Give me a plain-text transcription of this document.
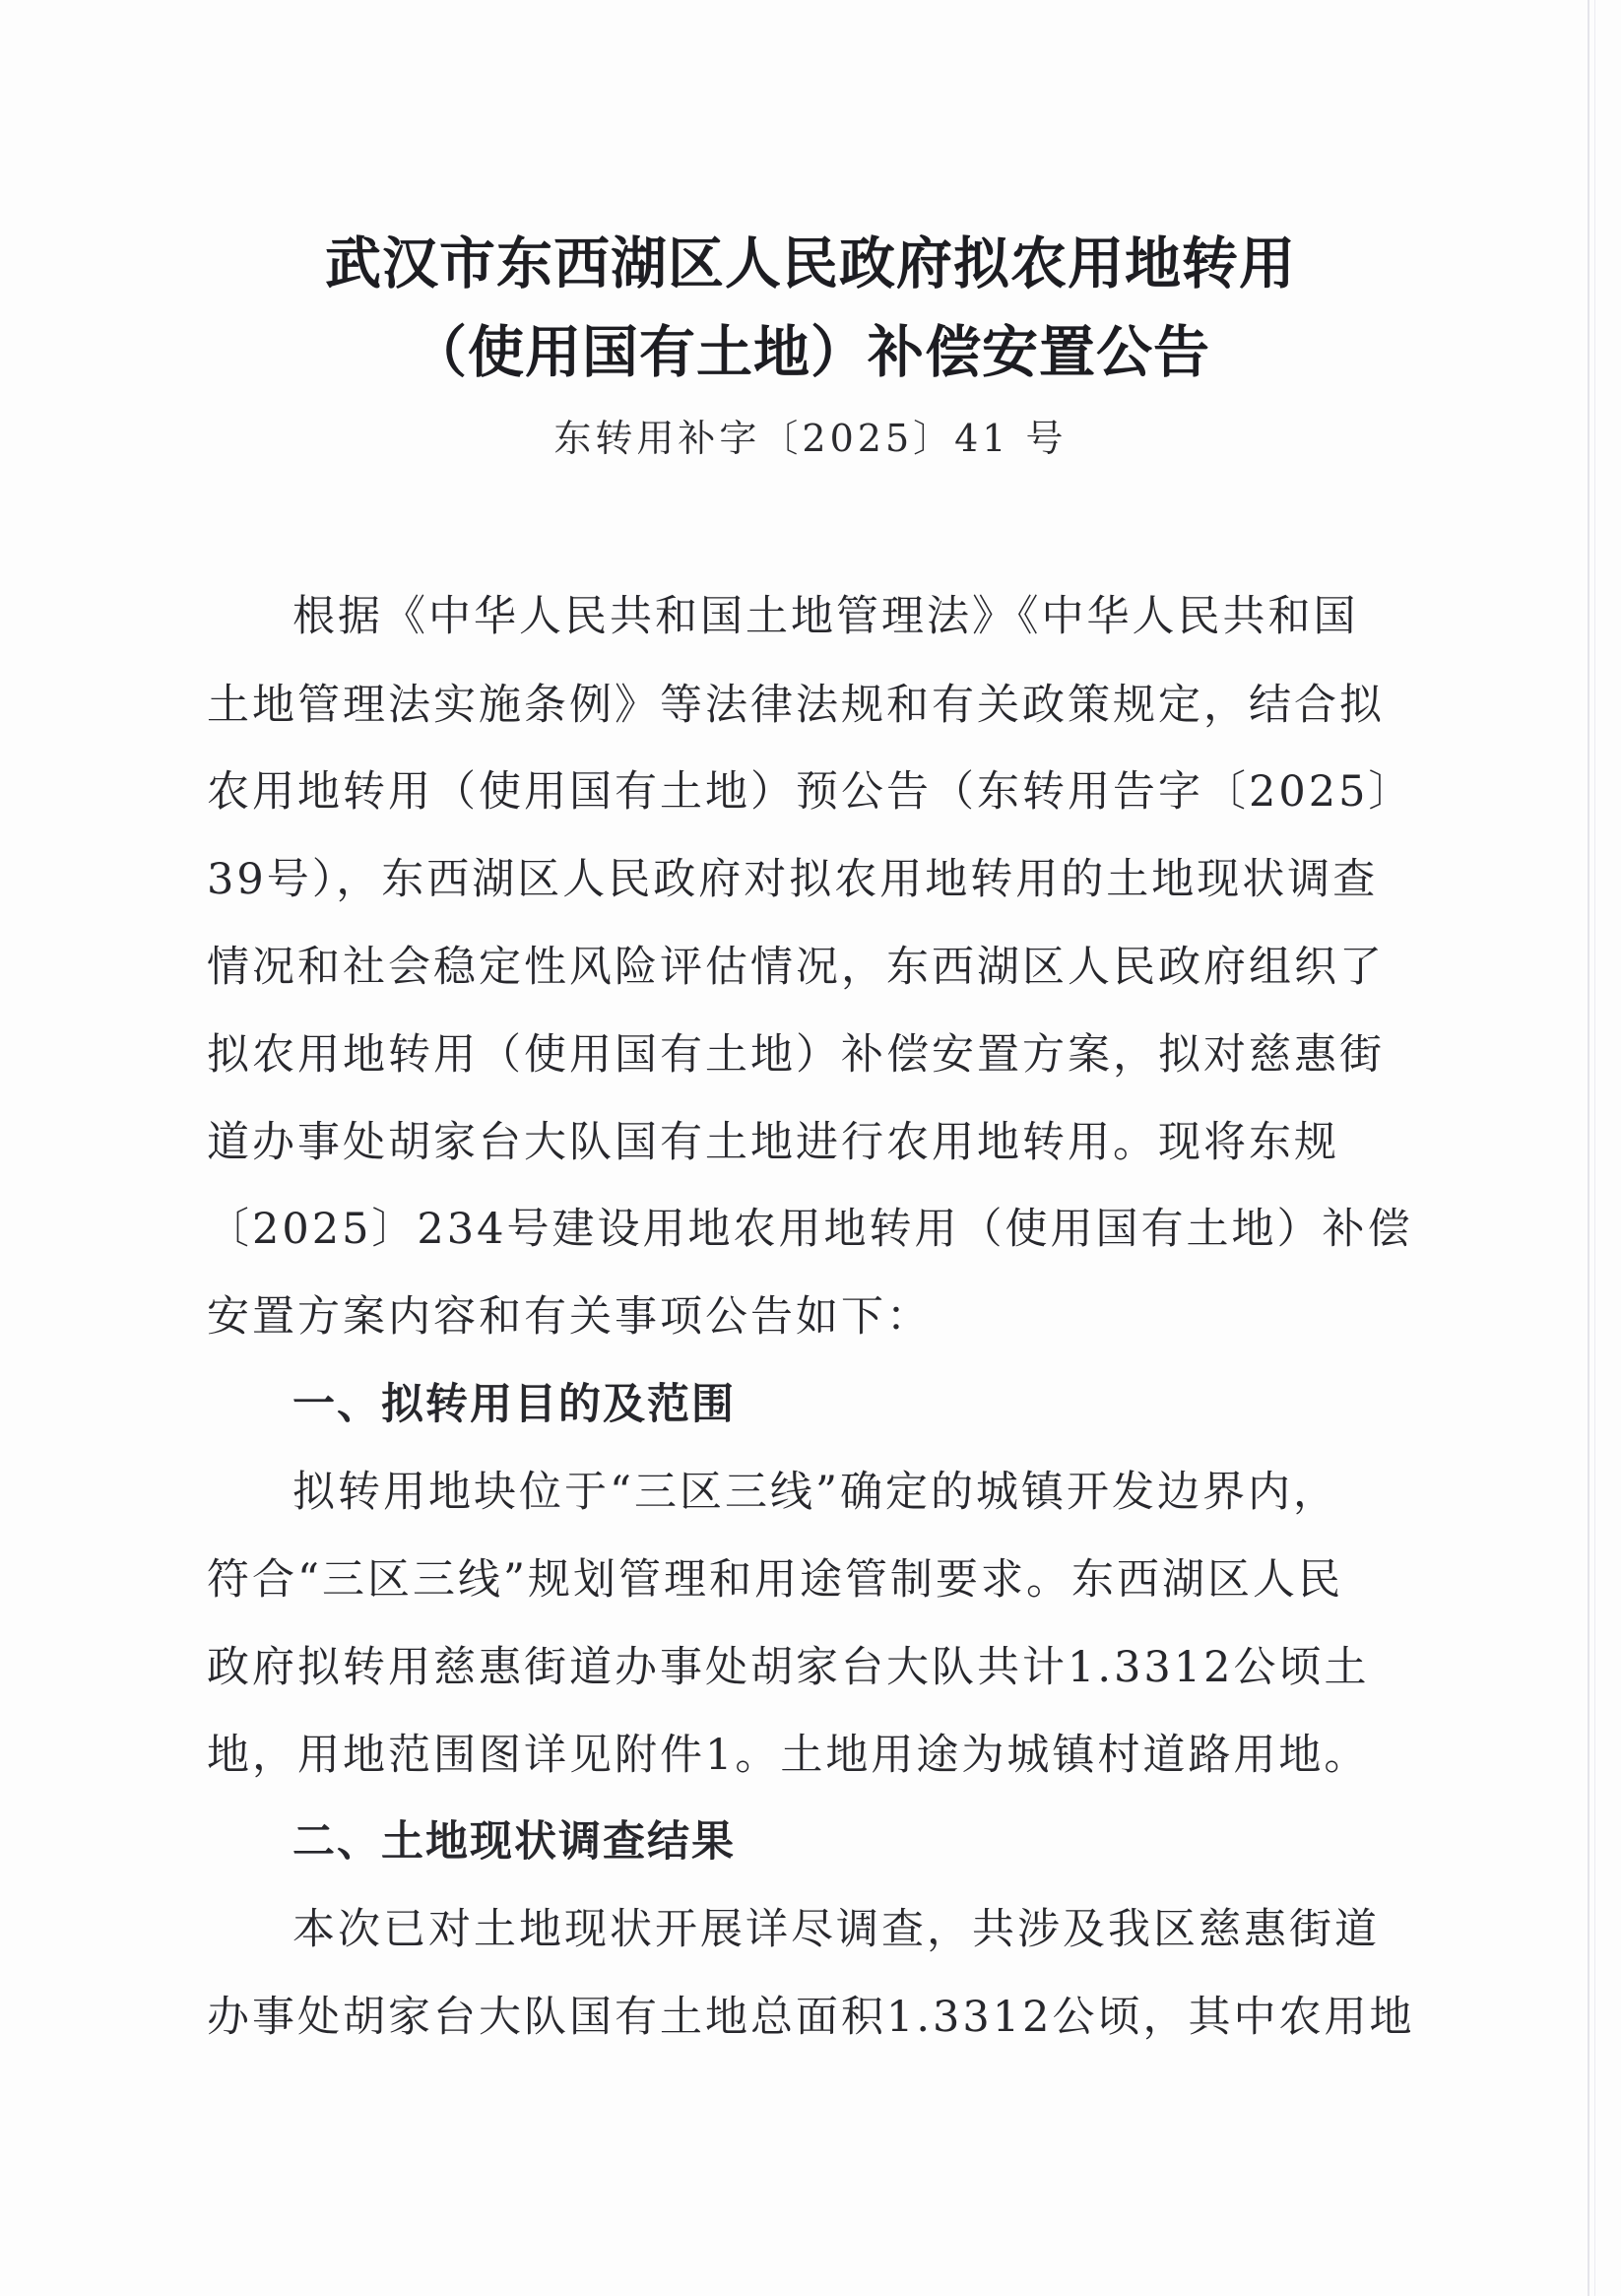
武汉市东西湖区人民政府拟农用地转用
（使用国有土地）补偿安置公告
东转用补字〔2025〕41 号
根据《中华人民共和国土地管理法》《中华人民共和国
土地管理法实施条例》等法律法规和有关政策规定，结合拟
农用地转用（使用国有土地）预公告（东转用告字〔2025〕
39号），东西湖区人民政府对拟农用地转用的土地现状调查
情况和社会稳定性风险评估情况，东西湖区人民政府组织了
拟农用地转用（使用国有土地）补偿安置方案，拟对慈惠街
道办事处胡家台大队国有土地进行农用地转用。现将东规
〔2025〕234号建设用地农用地转用（使用国有土地）补偿
安置方案内容和有关事项公告如下：
一、拟转用目的及范围
拟转用地块位于“三区三线”确定的城镇开发边界内，
符合“三区三线”规划管理和用途管制要求。东西湖区人民
政府拟转用慈惠街道办事处胡家台大队共计1.3312公顷土
地，用地范围图详见附件1。土地用途为城镇村道路用地。
二、土地现状调查结果
本次已对土地现状开展详尽调查，共涉及我区慈惠街道
办事处胡家台大队国有土地总面积1.3312公顷，其中农用地
